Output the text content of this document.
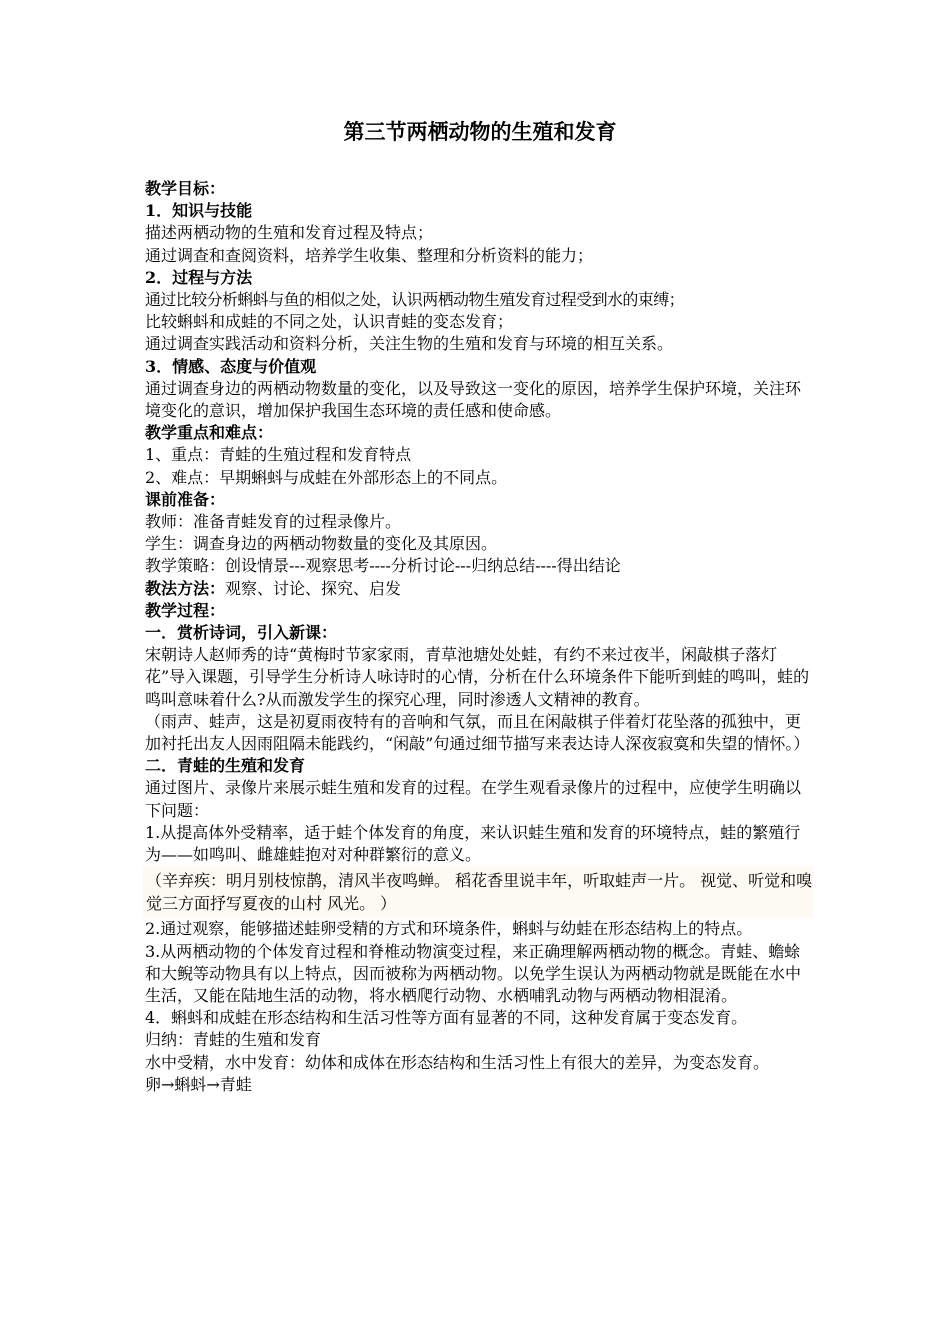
第三节两栖动物的生殖和发育

教学目标：

1．知识与技能

描述两栖动物的生殖和发育过程及特点；

通过调查和查阅资料，培养学生收集、整理和分析资料的能力；

2．过程与方法

通过比较分析蝌蚪与鱼的相似之处，认识两栖动物生殖发育过程受到水的束缚；

比较蝌蚪和成蛙的不同之处，认识青蛙的变态发育；

通过调查实践活动和资料分析，关注生物的生殖和发育与环境的相互关系。

3．情感、态度与价值观

通过调查身边的两栖动物数量的变化，以及导致这一变化的原因，培养学生保护环境，关注环境变化的意识，增加保护我国生态环境的责任感和使命感。

教学重点和难点：

1、重点：青蛙的生殖过程和发育特点

2、难点：早期蝌蚪与成蛙在外部形态上的不同点。

课前准备：

教师：准备青蛙发育的过程录像片。

学生：调查身边的两栖动物数量的变化及其原因。

教学策略：创设情景---观察思考----分析讨论---归纳总结----得出结论

教法方法：观察、讨论、探究、启发

教学过程：

一．赏析诗词，引入新课：

宋朝诗人赵师秀的诗“黄梅时节家家雨，青草池塘处处蛙，有约不来过夜半，闲敲棋子落灯花”导入课题，引导学生分析诗人咏诗时的心情，分析在什么环境条件下能听到蛙的鸣叫，蛙的鸣叫意味着什么?从而激发学生的探究心理，同时渗透人文精神的教育。

（雨声、蛙声，这是初夏雨夜特有的音响和气氛，而且在闲敲棋子伴着灯花坠落的孤独中，更加衬托出友人因雨阻隔未能践约，“闲敲”句通过细节描写来表达诗人深夜寂寞和失望的情怀。）

二．青蛙的生殖和发育

通过图片、录像片来展示蛙生殖和发育的过程。在学生观看录像片的过程中，应使学生明确以下问题：

1.从提高体外受精率，适于蛙个体发育的角度，来认识蛙生殖和发育的环境特点，蛙的繁殖行为——如鸣叫、雌雄蛙抱对对种群繁衍的意义。

（辛弃疾：明月别枝惊鹊，清风半夜鸣蝉。 稻花香里说丰年，听取蛙声一片。 视觉、听觉和嗅觉三方面抒写夏夜的山村 风光。 ）

2.通过观察，能够描述蛙卵受精的方式和环境条件，蝌蚪与幼蛙在形态结构上的特点。

3.从两栖动物的个体发育过程和脊椎动物演变过程，来正确理解两栖动物的概念。青蛙、蟾蜍和大鲵等动物具有以上特点，因而被称为两栖动物。以免学生误认为两栖动物就是既能在水中生活，又能在陆地生活的动物，将水栖爬行动物、水栖哺乳动物与两栖动物相混淆。

4．蝌蚪和成蛙在形态结构和生活习性等方面有显著的不同，这种发育属于变态发育。

归纳：青蛙的生殖和发育

水中受精，水中发育：幼体和成体在形态结构和生活习性上有很大的差异，为变态发育。

卵→蝌蚪→青蛙
